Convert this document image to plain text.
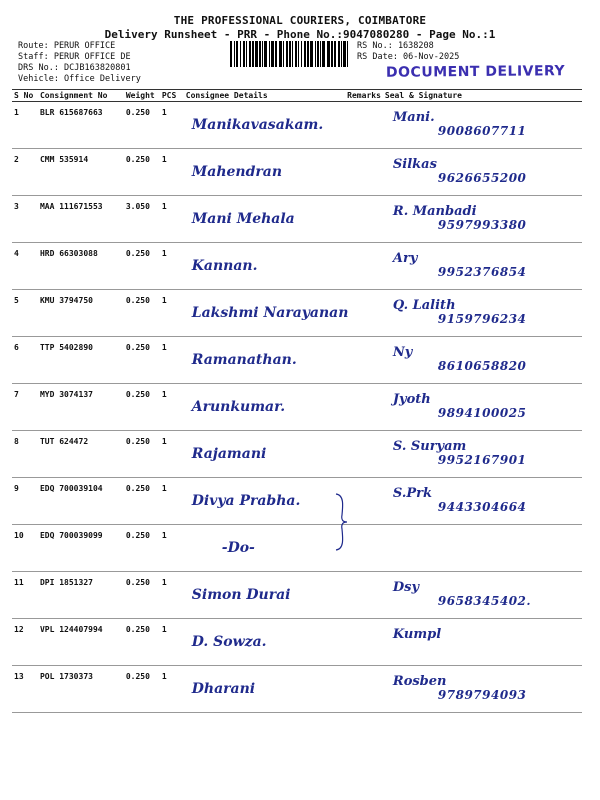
THE PROFESSIONAL COURIERS, COIMBATORE
Delivery Runsheet - PRR - Phone No.:9047080280 - Page No.:1
Route: PERUR OFFICE
Staff: PERUR OFFICE DE
DRS No.: DCJB163820801
Vehicle: Office Delivery
RS No.: 1638208
RS Date: 06-Nov-2025
DOCUMENT DELIVERY
S No	Consignment No	Weight	PCS	Consignee Details	Remarks	Seal & Signature
1	BLR 615687663	0.250	1	Manikavasakam.		Mani.
9008607711

2	CMM 535914	0.250	1	Mahendran		Silkas
9626655200

3	MAA 111671553	3.050	1	Mani Mehala		R. Manbadi
9597993380

4	HRD 66303088	0.250	1	Kannan.		Ary
9952376854

5	KMU 3794750	0.250	1	Lakshmi Narayanan		Q. Lalith
9159796234

6	TTP 5402890	0.250	1	Ramanathan.		Ny
8610658820

7	MYD 3074137	0.250	1	Arunkumar.		Jyoth
9894100025

8	TUT 624472	0.250	1	Rajamani		S. Suryam
9952167901

9	EDQ 700039104	0.250	1	Divya Prabha.		S.Prk
9443304664

10	EDQ 700039099	0.250	1	-Do-		

11	DPI 1851327	0.250	1	Simon Durai		Dsy
9658345402.

12	VPL 124407994	0.250	1	D. Sowza.		Kumpl

13	POL 1730373	0.250	1	Dharani		Rosben
9789794093
